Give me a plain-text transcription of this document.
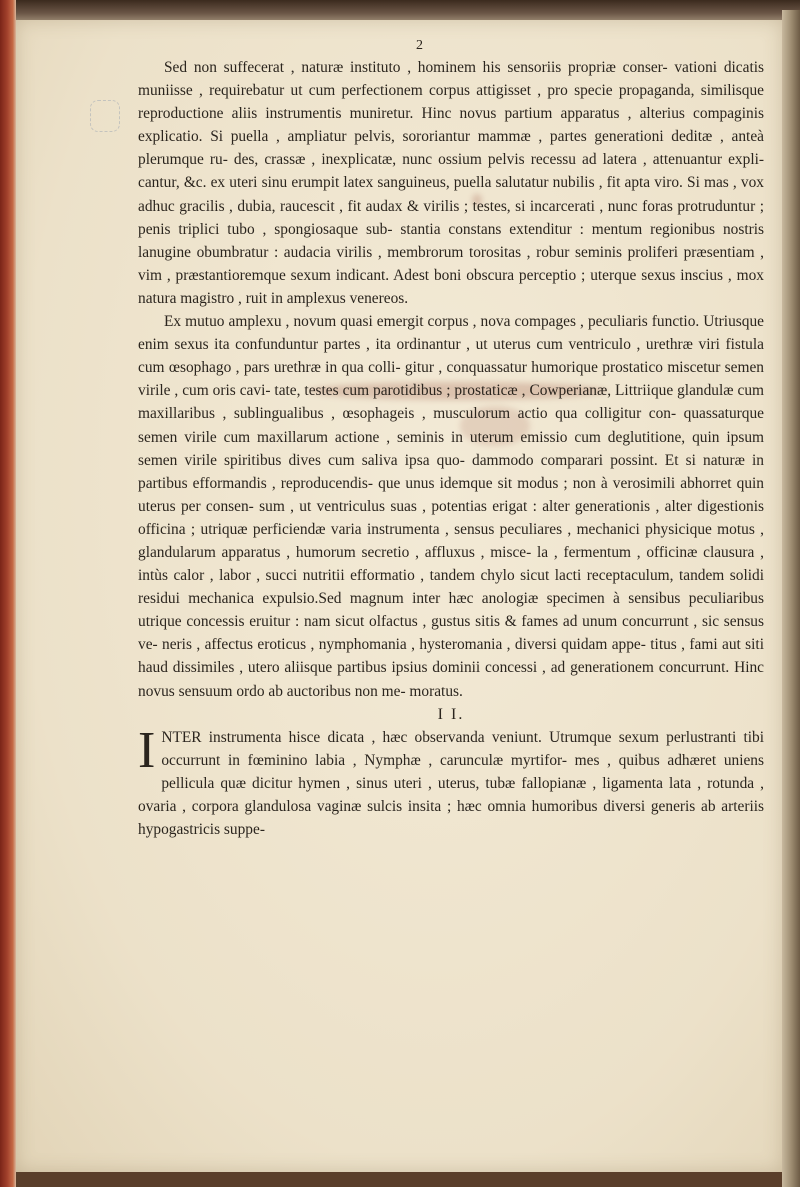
2

Sed non suffecerat , naturæ instituto , hominem his sensoriis propriæ conser- vationi dicatis muniisse , requirebatur ut cum perfectionem corpus attigisset , pro specie propaganda, similisque reproductione aliis instrumentis muniretur. Hinc novus partium apparatus , alterius compaginis explicatio. Si puella , ampliatur pelvis, sororiantur mammæ , partes generationi deditæ , anteà plerumque ru- des, crassæ , inexplicatæ, nunc ossium pelvis recessu ad latera , attenuantur expli- cantur, &c. ex uteri sinu erumpit latex sanguineus, puella salutatur nubilis , fit apta viro. Si mas , vox adhuc gracilis , dubia, raucescit , fit audax & virilis ; testes, si incarcerati , nunc foras protruduntur ; penis triplici tubo , spongiosaque sub- stantia constans extenditur : mentum regionibus nostris lanugine obumbratur : audacia virilis , membrorum torositas , robur seminis proliferi præsentiam , vim , præstantioremque sexum indicant. Adest boni obscura perceptio ; uterque sexus inscius , mox natura magistro , ruit in amplexus venereos.

Ex mutuo amplexu , novum quasi emergit corpus , nova compages , peculiaris functio. Utriusque enim sexus ita confunduntur partes , ita ordinantur , ut uterus cum ventriculo , urethræ viri fistula cum œsophago , pars urethræ in qua colli- gitur , conquassatur humorique prostatico miscetur semen virile , cum oris cavi- tate, testes cum parotidibus ; prostaticæ , Cowperianæ, Littriique glandulæ cum maxillaribus , sublingualibus , œsophageis , musculorum actio qua colligitur con- quassaturque semen virile cum maxillarum actione , seminis in uterum emissio cum deglutitione, quin ipsum semen virile spiritibus dives cum saliva ipsa quo- dammodo comparari possint. Et si naturæ in partibus efformandis , reproducendis- que unus idemque sit modus ; non à verosimili abhorret quin uterus per consen- sum , ut ventriculus suas , potentias erigat : alter generationis , alter digestionis officina ; utriquæ perficiendæ varia instrumenta , sensus peculiares , mechanici physicique motus , glandularum apparatus , humorum secretio , affluxus , misce- la , fermentum , officinæ clausura , intùs calor , labor , succi nutritii efformatio , tandem chylo sicut lacti receptaculum, tandem solidi residui mechanica expulsio.Sed magnum inter hæc anologiæ specimen à sensibus peculiaribus utrique concessis eruitur : nam sicut olfactus , gustus sitis & fames ad unum concurrunt , sic sensus ve- neris , affectus eroticus , nymphomania , hysteromania , diversi quidam appe- titus , fami aut siti haud dissimiles , utero aliisque partibus ipsius dominii concessi , ad generationem concurrunt. Hinc novus sensuum ordo ab auctoribus non me- moratus.

I I.

INTER instrumenta hisce dicata , hæc observanda veniunt. Utrumque sexum perlustranti tibi occurrunt in fœminino labia , Nymphæ , carunculæ myrtifor- mes , quibus adhæret uniens pellicula quæ dicitur hymen , sinus uteri , uterus, tubæ fallopianæ , ligamenta lata , rotunda , ovaria , corpora glandulosa vaginæ sulcis insita ; hæc omnia humoribus diversi generis ab arteriis hypogastricis suppe-
